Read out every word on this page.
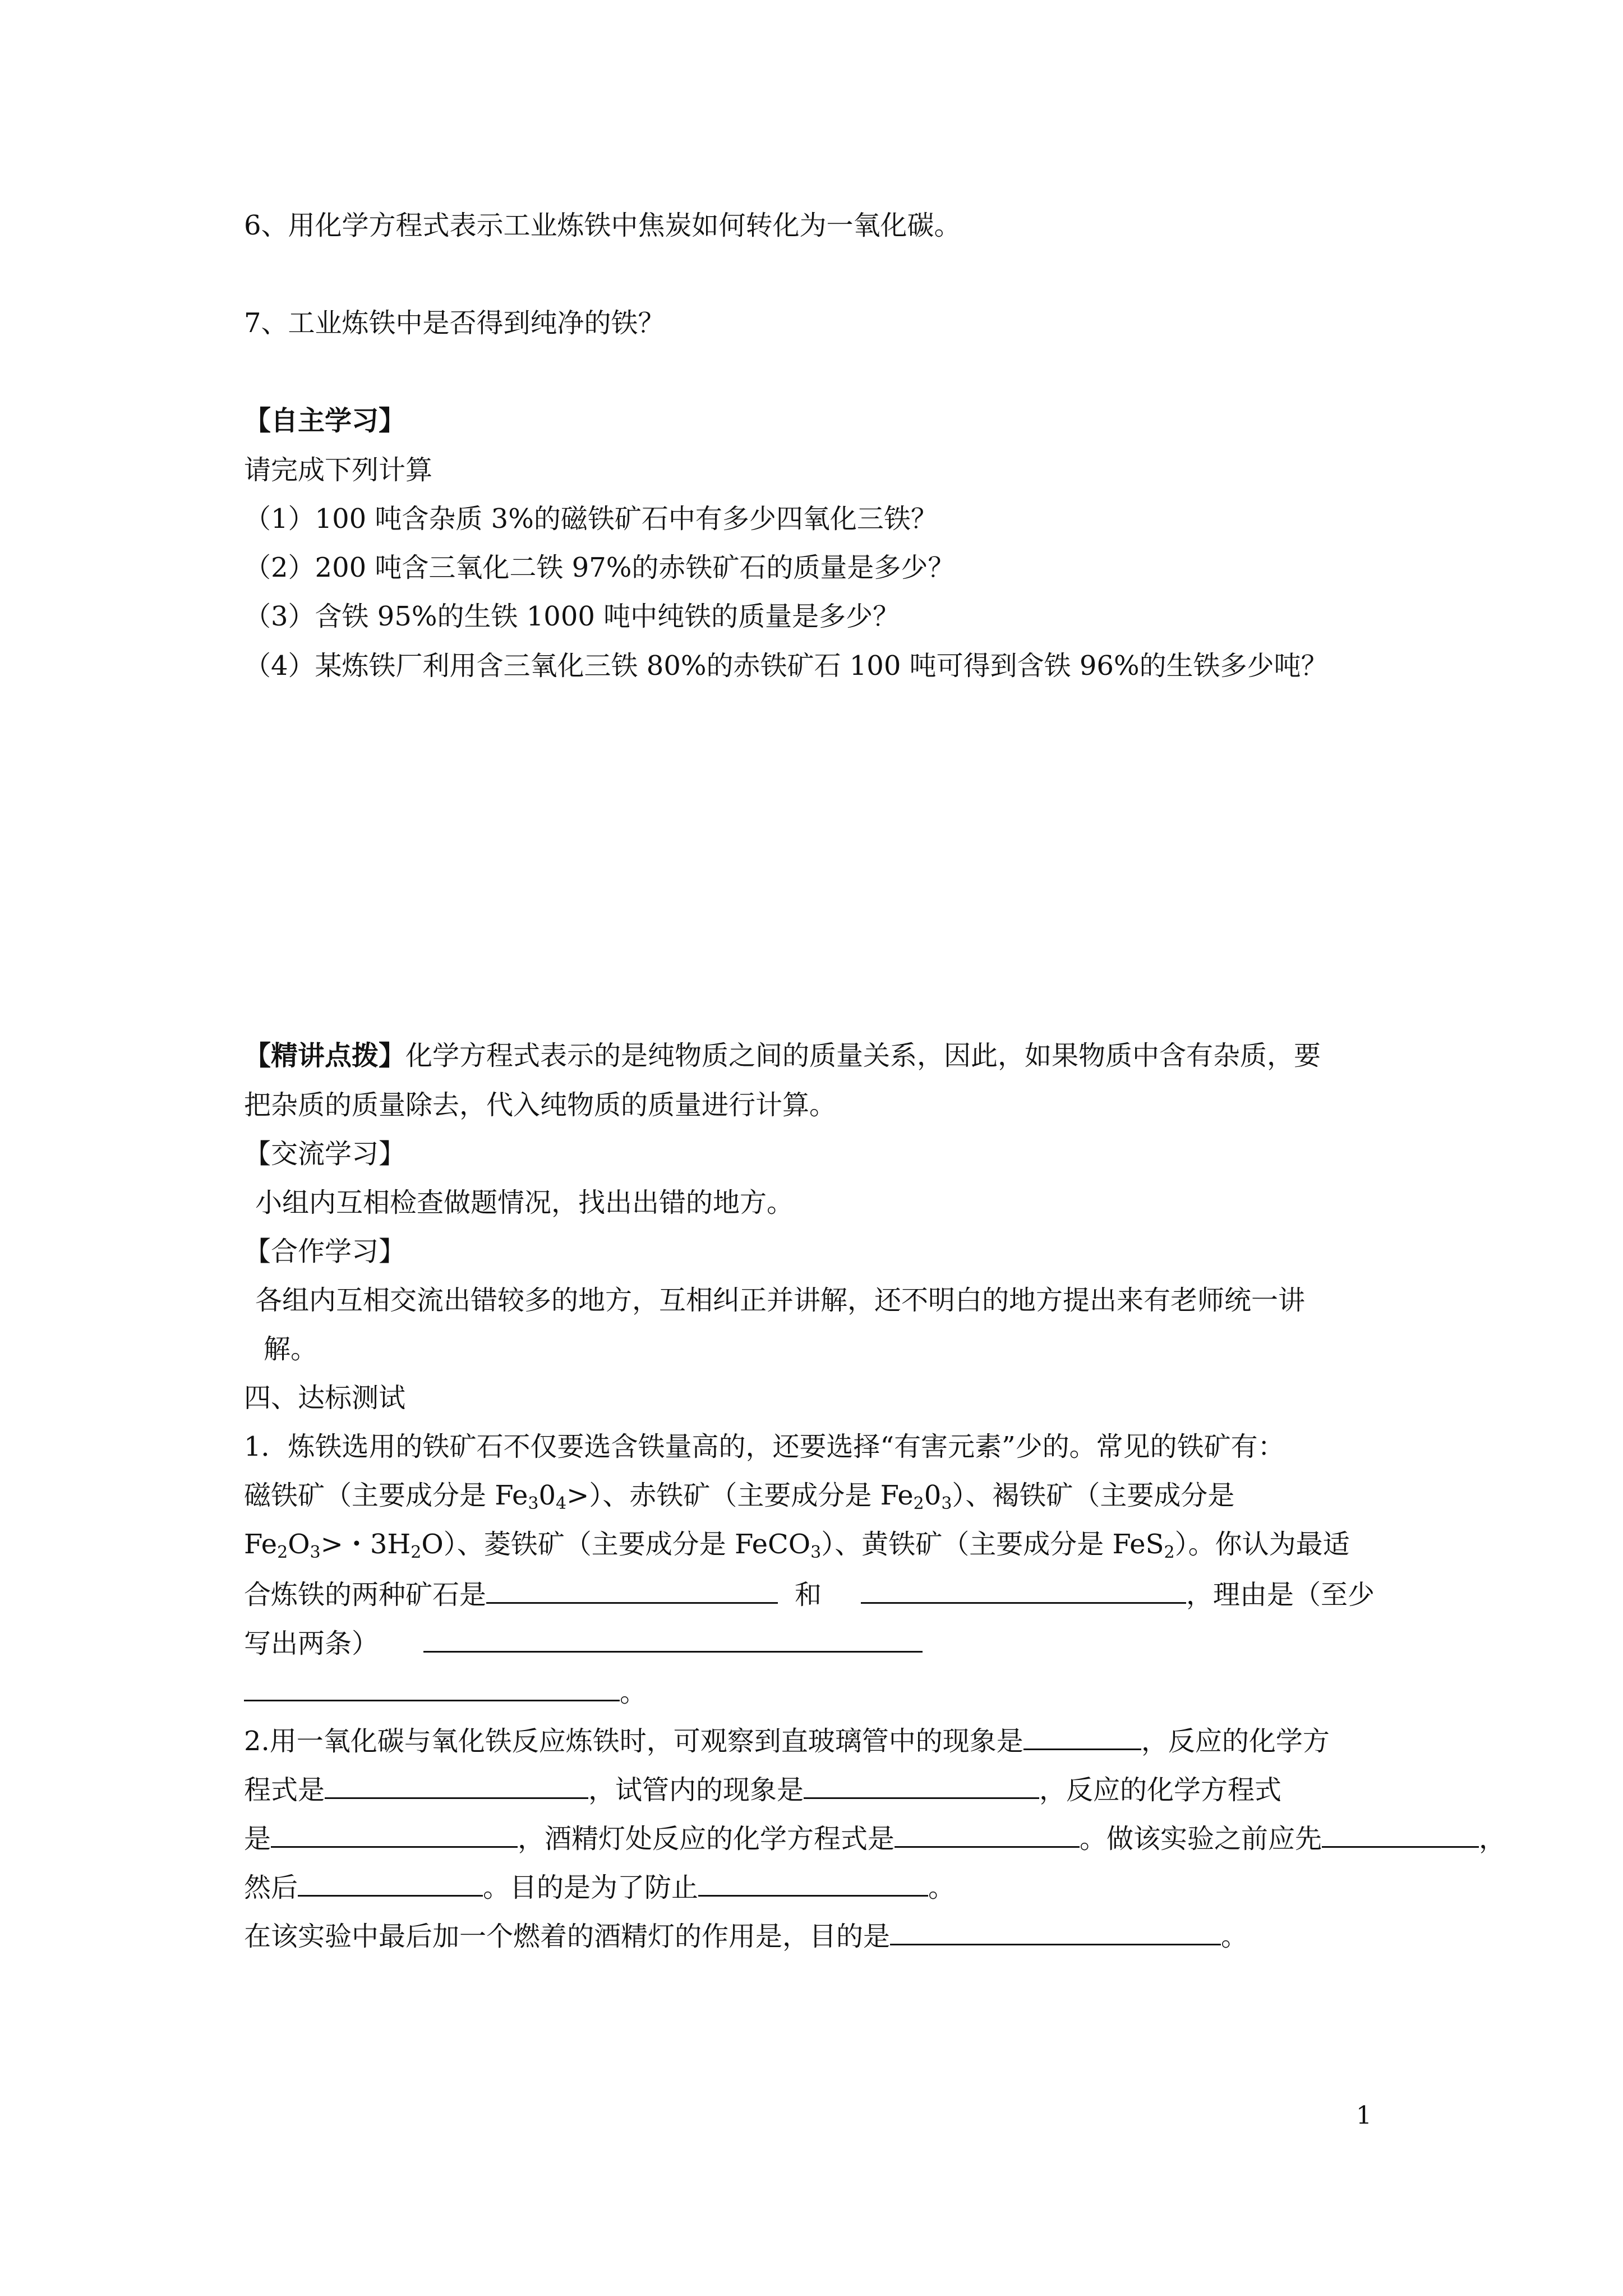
6、用化学方程式表示工业炼铁中焦炭如何转化为一氧化碳。
7、工业炼铁中是否得到纯净的铁？
【自主学习】
请完成下列计算
（1）100 吨含杂质 3%的磁铁矿石中有多少四氧化三铁？
（2）200 吨含三氧化二铁 97%的赤铁矿石的质量是多少？
（3）含铁 95%的生铁 1000 吨中纯铁的质量是多少？
（4）某炼铁厂利用含三氧化三铁 80%的赤铁矿石 100 吨可得到含铁 96%的生铁多少吨？
【精讲点拨】化学方程式表示的是纯物质之间的质量关系，因此，如果物质中含有杂质，要
把杂质的质量除去，代入纯物质的质量进行计算。
【交流学习】
小组内互相检查做题情况，找出出错的地方。
【合作学习】
各组内互相交流出错较多的地方，互相纠正并讲解，还不明白的地方提出来有老师统一讲
解。
四、达标测试
1．炼铁选用的铁矿石不仅要选含铁量高的，还要选择“有害元素”少的。常见的铁矿有：
磁铁矿（主要成分是 $Fe_30_4>$）、赤铁矿（主要成分是 $Fe_20_3$）、褐铁矿（主要成分是
$Fe_2O_3>$・$3H_2O$）、菱铁矿（主要成分是 FeCO$_3$）、黄铁矿（主要成分是 FeS$_2$）。你认为最适
合炼铁的两种矿石是	和	，理由是（至少
写出两条）
。
2.用一氧化碳与氧化铁反应炼铁时，可观察到直玻璃管中的现象是	，反应的化学方
程式是	，试管内的现象是	，反应的化学方程式
是	，酒精灯处反应的化学方程式是	。做该实验之前应先	，
然后	。目的是为了防止	。
在该实验中最后加一个燃着的酒精灯的作用是，目的是	。
1
